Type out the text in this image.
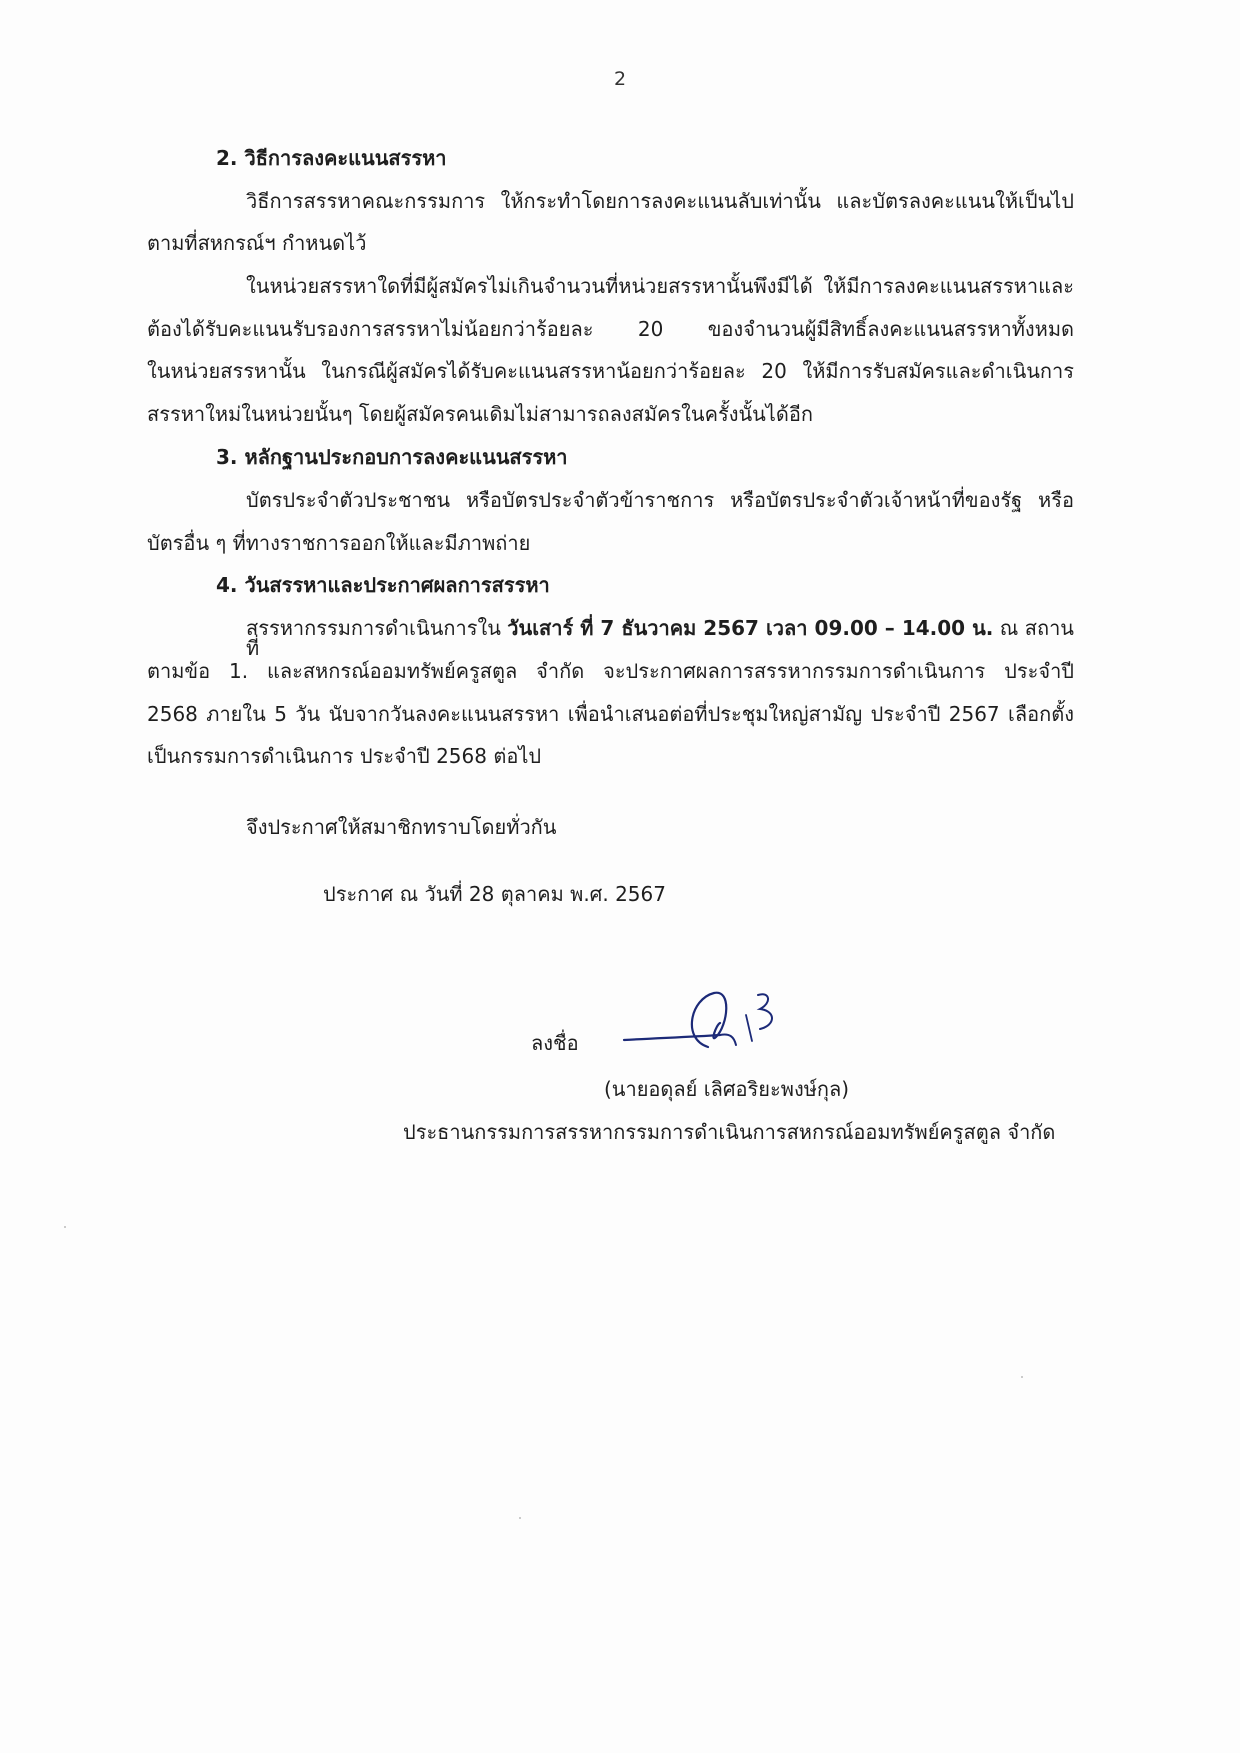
2
2. วิธีการลงคะแนนสรรหา
วิธีการสรรหาคณะกรรมการ ให้กระทำโดยการลงคะแนนลับเท่านั้น และบัตรลงคะแนนให้เป็นไป
ตามที่สหกรณ์ฯ กำหนดไว้
ในหน่วยสรรหาใดที่มีผู้สมัครไม่เกินจำนวนที่หน่วยสรรหานั้นพึงมีได้ ให้มีการลงคะแนนสรรหาและ
ต้องได้รับคะแนนรับรองการสรรหาไม่น้อยกว่าร้อยละ 20 ของจำนวนผู้มีสิทธิ์ลงคะแนนสรรหาทั้งหมด
ในหน่วยสรรหานั้น ในกรณีผู้สมัครได้รับคะแนนสรรหาน้อยกว่าร้อยละ 20 ให้มีการรับสมัครและดำเนินการ
สรรหาใหม่ในหน่วยนั้นๆ โดยผู้สมัครคนเดิมไม่สามารถลงสมัครในครั้งนั้นได้อีก
3. หลักฐานประกอบการลงคะแนนสรรหา
บัตรประจำตัวประชาชน หรือบัตรประจำตัวข้าราชการ หรือบัตรประจำตัวเจ้าหน้าที่ของรัฐ หรือ
บัตรอื่น ๆ ที่ทางราชการออกให้และมีภาพถ่าย
4. วันสรรหาและประกาศผลการสรรหา
สรรหากรรมการดำเนินการใน วันเสาร์ ที่ 7 ธันวาคม 2567 เวลา 09.00 – 14.00 น. ณ สถานที่
ตามข้อ 1. และสหกรณ์ออมทรัพย์ครูสตูล จำกัด จะประกาศผลการสรรหากรรมการดำเนินการ ประจำปี
2568 ภายใน 5 วัน นับจากวันลงคะแนนสรรหา เพื่อนำเสนอต่อที่ประชุมใหญ่สามัญ ประจำปี 2567 เลือกตั้ง
เป็นกรรมการดำเนินการ ประจำปี 2568 ต่อไป
จึงประกาศให้สมาชิกทราบโดยทั่วกัน
ประกาศ ณ วันที่ 28 ตุลาคม พ.ศ. 2567
ลงชื่อ
(นายอดุลย์ เลิศอริยะพงษ์กุล)
ประธานกรรมการสรรหากรรมการดำเนินการสหกรณ์ออมทรัพย์ครูสตูล จำกัด
